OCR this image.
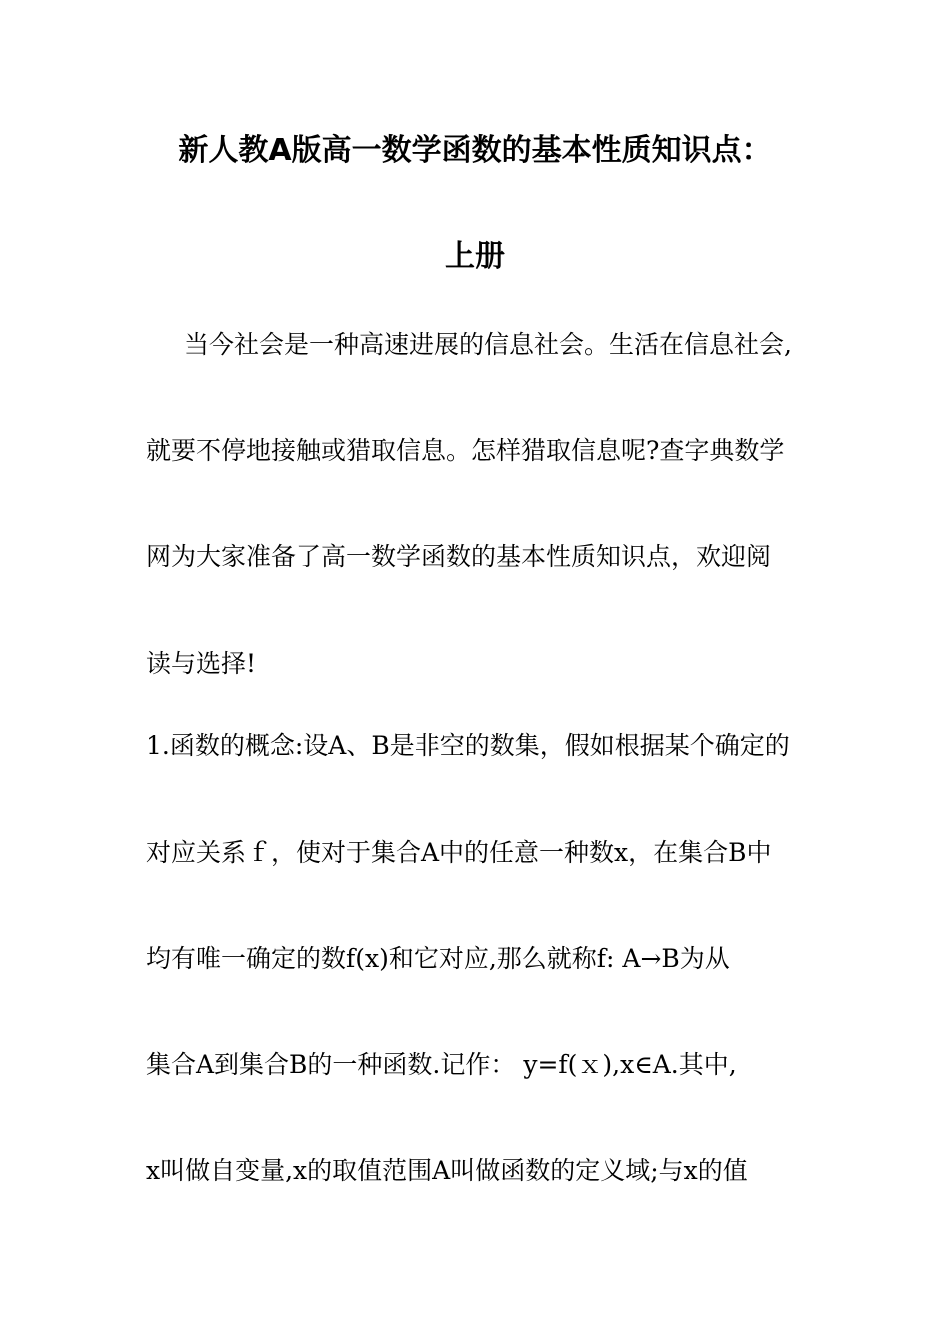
新人教A版高一数学函数的基本性质知识点：
上册
当今社会是一种高速进展的信息社会。生活在信息社会,
就要不停地接触或猎取信息。怎样猎取信息呢?查字典数学
网为大家准备了高一数学函数的基本性质知识点，欢迎阅
读与选择!
1.函数的概念:设A、B是非空的数集，假如根据某个确定的
对应关系ｆ，使对于集合A中的任意一种数x，在集合B中
均有唯一确定的数f(x)和它对应,那么就称f: A→B为从
集合A到集合B的一种函数.记作： y=f(ｘ),x∈A.其中,
x叫做自变量,x的取值范围A叫做函数的定义域;与x的值
